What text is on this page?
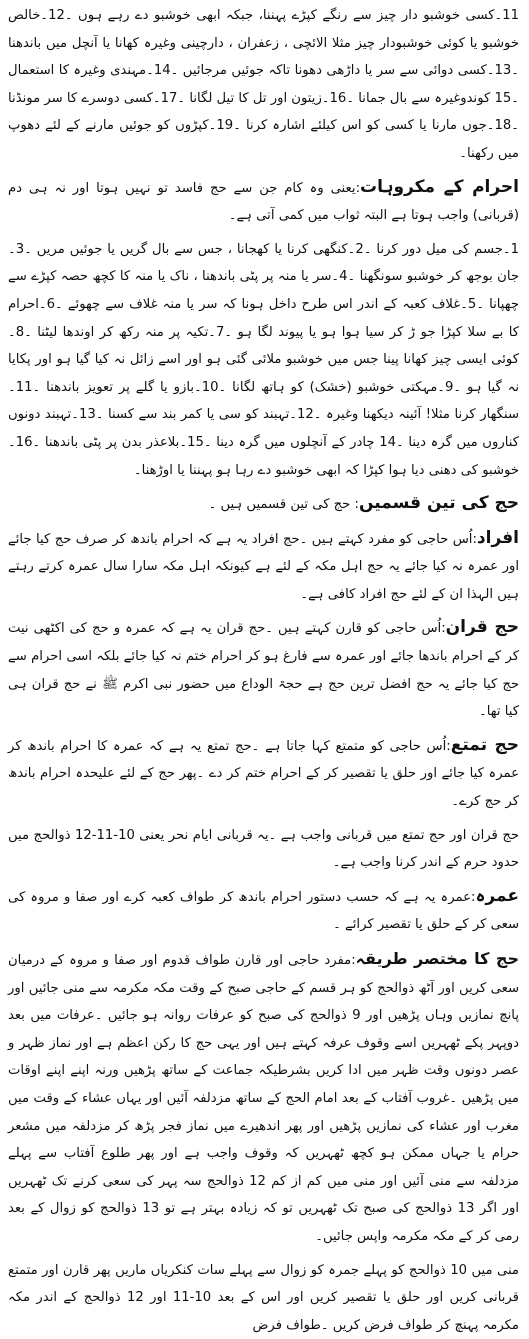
11۔کسی خوشبو دار چیز سے رنگے کپڑے پہننا، جبکہ ابھی خوشبو دے رہے ہوں ۔12۔خالص خوشبو یا کوئی خوشبودار چیز مثلا الائچی ، زعفران ، دارچینی وغیرہ کھانا یا آنچل میں باندھنا ۔13۔کسی دوائی سے سر یا داڑھی دھونا تاکہ جوئیں مرجائیں ۔14۔مہندی وغیرہ کا استعمال ۔15 کوندوغیرہ سے بال جمانا ۔16۔زیتون اور تل کا تیل لگانا ۔17۔کسی دوسرے کا سر مونڈنا ۔18۔جوں مارنا یا کسی کو اس کیلئے اشارہ کرنا ۔19۔کپڑوں کو جوئیں مارنے کے لئے دھوپ میں رکھنا۔

احرام کے مکروہات:یعنی وہ کام جن سے حج فاسد تو نہیں ہوتا اور نہ ہی دم (قربانی) واجب ہوتا ہے البتہ ثواب میں کمی آتی ہے۔

1۔جسم کی میل دور کرنا ۔2۔کنگھی کرنا یا کھجانا ، جس سے بال گریں یا جوئیں مریں ۔3۔جان بوجھ کر خوشبو سونگھنا ۔4۔سر یا منہ پر پٹی باندھنا ، ناک یا منہ کا کچھ حصہ کپڑے سے چھپانا ۔5۔غلاف کعبہ کے اندر اس طرح داخل ہونا کہ سر یا منہ غلاف سے چھوئے ۔6۔احرام کا بے سلا کپڑا جو ڑ کر سیا ہوا ہو یا پیوند لگا ہو ۔7۔تکیہ پر منہ رکھ کر اوندھا لیٹنا ۔8۔کوئی ایسی چیز کھانا پینا جس میں خوشبو ملائی گئی ہو اور اسے زائل نہ کیا گیا ہو اور پکایا نہ گیا ہو ۔9۔مہکتی خوشبو (خشک) کو ہاتھ لگانا ۔10۔بازو یا گلے پر تعویز باندھنا ۔11۔سنگھار کرنا مثلا! آئینہ دیکھنا وغیرہ ۔12۔تہبند کو سی یا کمر بند سے کسنا ۔13۔تہبند دونوں کناروں میں گرہ دینا ۔14 چادر کے آنچلوں میں گرہ دینا ۔15۔بلاعذر بدن پر پٹی باندھنا ۔16۔خوشبو کی دھنی دیا ہوا کپڑا کہ ابھی خوشبو دے رہا ہو پہننا یا اوڑھنا۔

حج کی تین قسمیں: حج کی تین قسمیں ہیں ۔

افراد:اُس حاجی کو مفرد کہتے ہیں ۔حج افراد یہ ہے کہ احرام باندھ کر صرف حج کیا جائے اور عمرہ نہ کیا جائے یہ حج اہل مکہ کے لئے ہے کیونکہ اہل مکہ سارا سال عمرہ کرتے رہتے ہیں الہذا ان کے لئے حج افراد کافی ہے۔

حج قران:اُس حاجی کو قارن کہتے ہیں ۔حج قران یہ ہے کہ عمرہ و حج کی اکٹھی نیت کر کے احرام باندھا جائے اور عمرہ سے فارغ ہو کر احرام ختم نہ کیا جائے بلکہ اسی احرام سے حج کیا جائے یہ حج افضل ترین حج ہے حجۃ الوداع میں حضور نبی اکرم ﷺ نے حج قران ہی کیا تھا۔

حج تمتع:اُس حاجی کو متمتع کہا جاتا ہے ۔حج تمتع یہ ہے کہ عمرہ کا احرام باندھ کر عمرہ کیا جائے اور حلق یا تقصیر کر کے احرام ختم کر دے ۔پھر حج کے لئے علیحدہ احرام باندھ کر حج کرے۔

حج قران اور حج تمتع میں قربانی واجب ہے ۔یہ قربانی ایام نحر یعنی 10-11-12 ذوالحج میں حدود حرم کے اندر کرنا واجب ہے۔

عمرہ:عمرہ یہ ہے کہ حسب دستور احرام باندھ کر طواف کعبہ کرے اور صفا و مروہ کی سعی کر کے حلق یا تقصیر کرائے ۔

حج کا مختصر طریقہ:مفرد حاجی اور قارن طواف قدوم اور صفا و مروہ کے درمیان سعی کریں اور آٹھ ذوالحج کو ہر قسم کے حاجی صبح کے وقت مکہ مکرمہ سے منی جائیں اور پانچ نمازیں وہاں پڑھیں اور 9 ذوالحج کی صبح کو عرفات روانہ ہو جائیں ۔عرفات میں بعد دوپہر پکے ٹھہریں اسے وقوف عرفہ کہتے ہیں اور یہی حج کا رکن اعظم ہے اور نماز ظہر و عصر دونوں وقت ظہر میں ادا کریں بشرطیکہ جماعت کے ساتھ پڑھیں ورنہ اپنے اپنے اوقات میں پڑھیں ۔غروب آفتاب کے بعد امام الحج کے ساتھ مزدلفہ آئیں اور یہاں عشاء کے وقت میں مغرب اور عشاء کی نمازیں پڑھیں اور پھر اندھیرے میں نماز فجر پڑھ کر مزدلفہ میں مشعر حرام یا جہاں ممکن ہو کچھ ٹھہریں کہ وقوف واجب ہے اور پھر طلوع آفتاب سے پہلے مزدلفہ سے منی آئیں اور منی میں کم از کم 12 ذوالحج سہ پہر کی سعی کرنے تک ٹھہریں اور اگر 13 ذوالحج کی صبح تک ٹھہریں تو کہ زیادہ بہتر ہے تو 13 ذوالحج کو زوال کے بعد رمی کر کے مکہ مکرمہ واپس جائیں۔

منی میں 10 ذوالحج کو پہلے جمرہ کو زوال سے پہلے سات کنکریاں ماریں پھر قارن اور متمتع قربانی کریں اور حلق یا تقصیر کریں اور اس کے بعد 10-11 اور 12 ذوالحج کے اندر مکہ مکرمہ پہنچ کر طواف فرض کریں ۔طواف فرض
